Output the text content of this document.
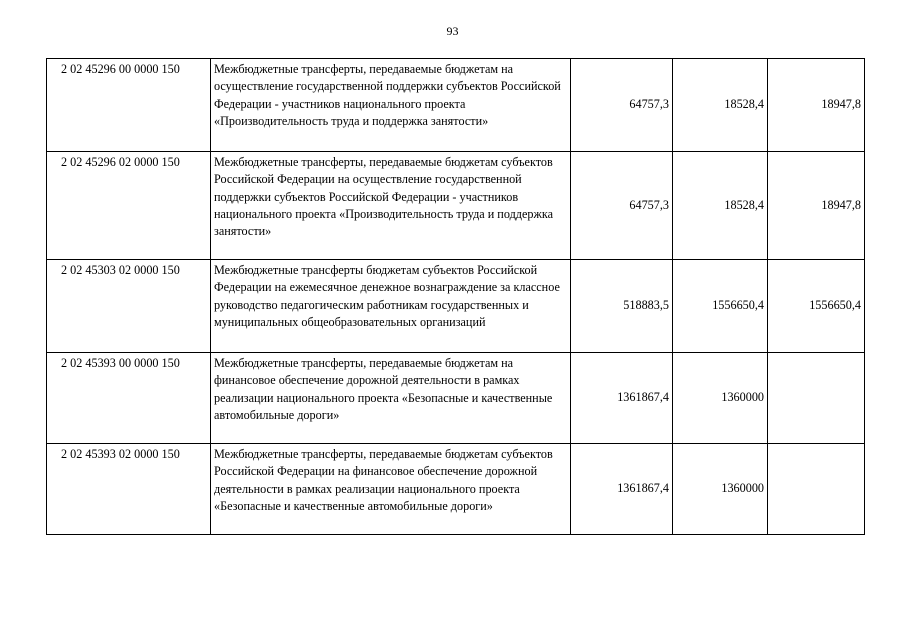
93
2 02 45296 00 0000 150	Межбюджетные трансферты, передаваемые бюджетам на осуществление государственной поддержки субъектов Российской Федерации - участников национального проекта «Производительность труда и поддержка занятости»	64757,3	18528,4	18947,8
2 02 45296 02 0000 150	Межбюджетные трансферты, передаваемые бюджетам субъектов Российской Федерации на осуществление государственной поддержки субъектов Российской Федерации - участников национального проекта «Производительность труда и поддержка занятости»	64757,3	18528,4	18947,8
2 02 45303 02 0000 150	Межбюджетные трансферты бюджетам субъектов Российской Федерации на ежемесячное денежное вознаграждение за классное руководство педагогическим работникам государственных и муниципальных общеобразовательных организаций	518883,5	1556650,4	1556650,4
2 02 45393 00 0000 150	Межбюджетные трансферты, передаваемые бюджетам на финансовое обеспечение дорожной деятельности в рамках реализации национального проекта «Безопасные и качественные автомобильные дороги»	1361867,4	1360000	
2 02 45393 02 0000 150	Межбюджетные трансферты, передаваемые бюджетам субъектов Российской Федерации на финансовое обеспечение дорожной деятельности в рамках реализации национального проекта «Безопасные и качественные автомобильные дороги»	1361867,4	1360000	
